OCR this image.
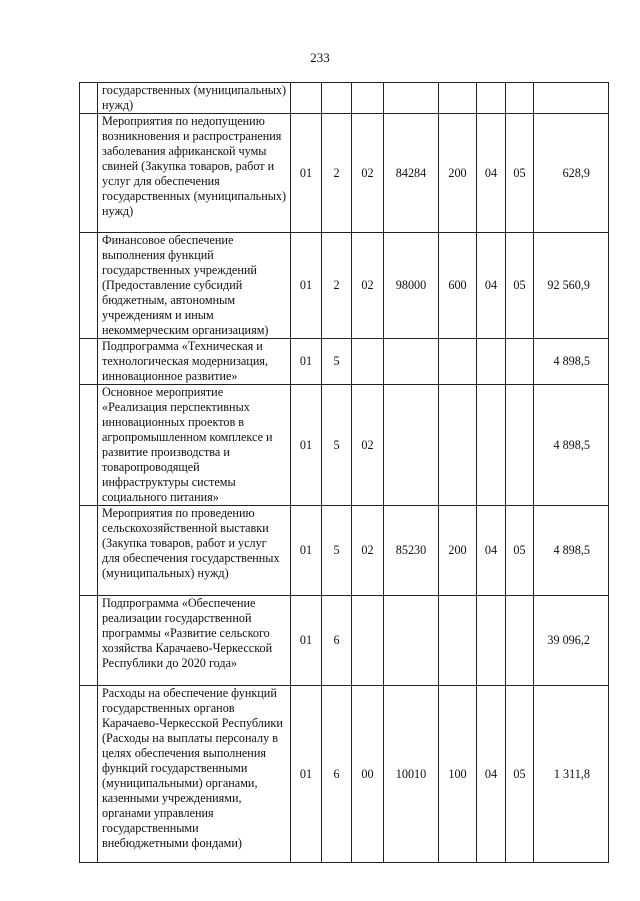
233
	государственных (муниципальных) нужд)								
	Мероприятия по недопущению возникновения и распространения заболевания африканской чумы свиней (Закупка товаров, работ и услуг для обеспечения государственных (муниципальных) нужд)	01	2	02	84284	200	04	05	628,9
	Финансовое обеспечение выполнения функций государственных учреждений (Предоставление субсидий бюджетным, автономным учреждениям и иным некоммерческим организациям)	01	2	02	98000	600	04	05	92 560,9
	Подпрограмма «Техническая и технологическая модернизация, инновационное развитие»	01	5						4 898,5
	Основное мероприятие «Реализация перспективных инновационных проектов в агропромышленном комплексе и развитие производства и товаропроводящей инфраструктуры системы социального питания»	01	5	02					4 898,5
	Мероприятия по проведению сельскохозяйственной выставки (Закупка товаров, работ и услуг для обеспечения государственных (муниципальных) нужд)	01	5	02	85230	200	04	05	4 898,5
	Подпрограмма «Обеспечение реализации государственной программы «Развитие сельского хозяйства Карачаево-Черкесской Республики до 2020 года»	01	6						39 096,2
	Расходы на обеспечение функций государственных органов Карачаево-Черкесской Республики (Расходы на выплаты персоналу в целях обеспечения выполнения функций государственными (муниципальными) органами, казенными учреждениями, органами управления государственными внебюджетными фондами)	01	6	00	10010	100	04	05	1 311,8
